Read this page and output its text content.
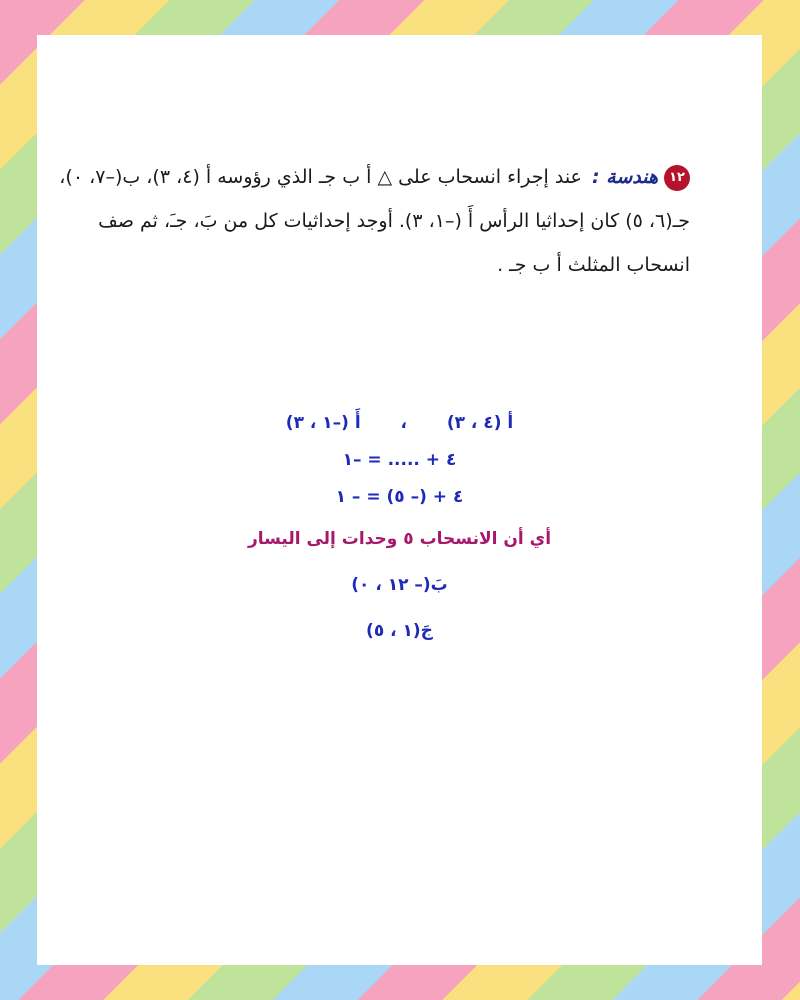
١٢هندسة : عند إجراء انسحاب على △ أ ب جـ الذي رؤوسه أ (٤، ٣)، ب(–٧، ٠)،
جـ(٦، ٥) كان إحداثيا الرأس أَ (–١، ٣). أوجد إحداثيات كل من بَ، جـَ، ثم صف
انسحاب المثلث أ ب جـ .
أ (٤ ، ٣)  ،  أَ (–١ ، ٣)
٤ + ..... = –١
٤ + (– ٥) = – ١
أي أن الانسحاب ٥ وحدات إلى اليسار
بَ(– ١٢ ، ٠)
جَ(١ ، ٥)
